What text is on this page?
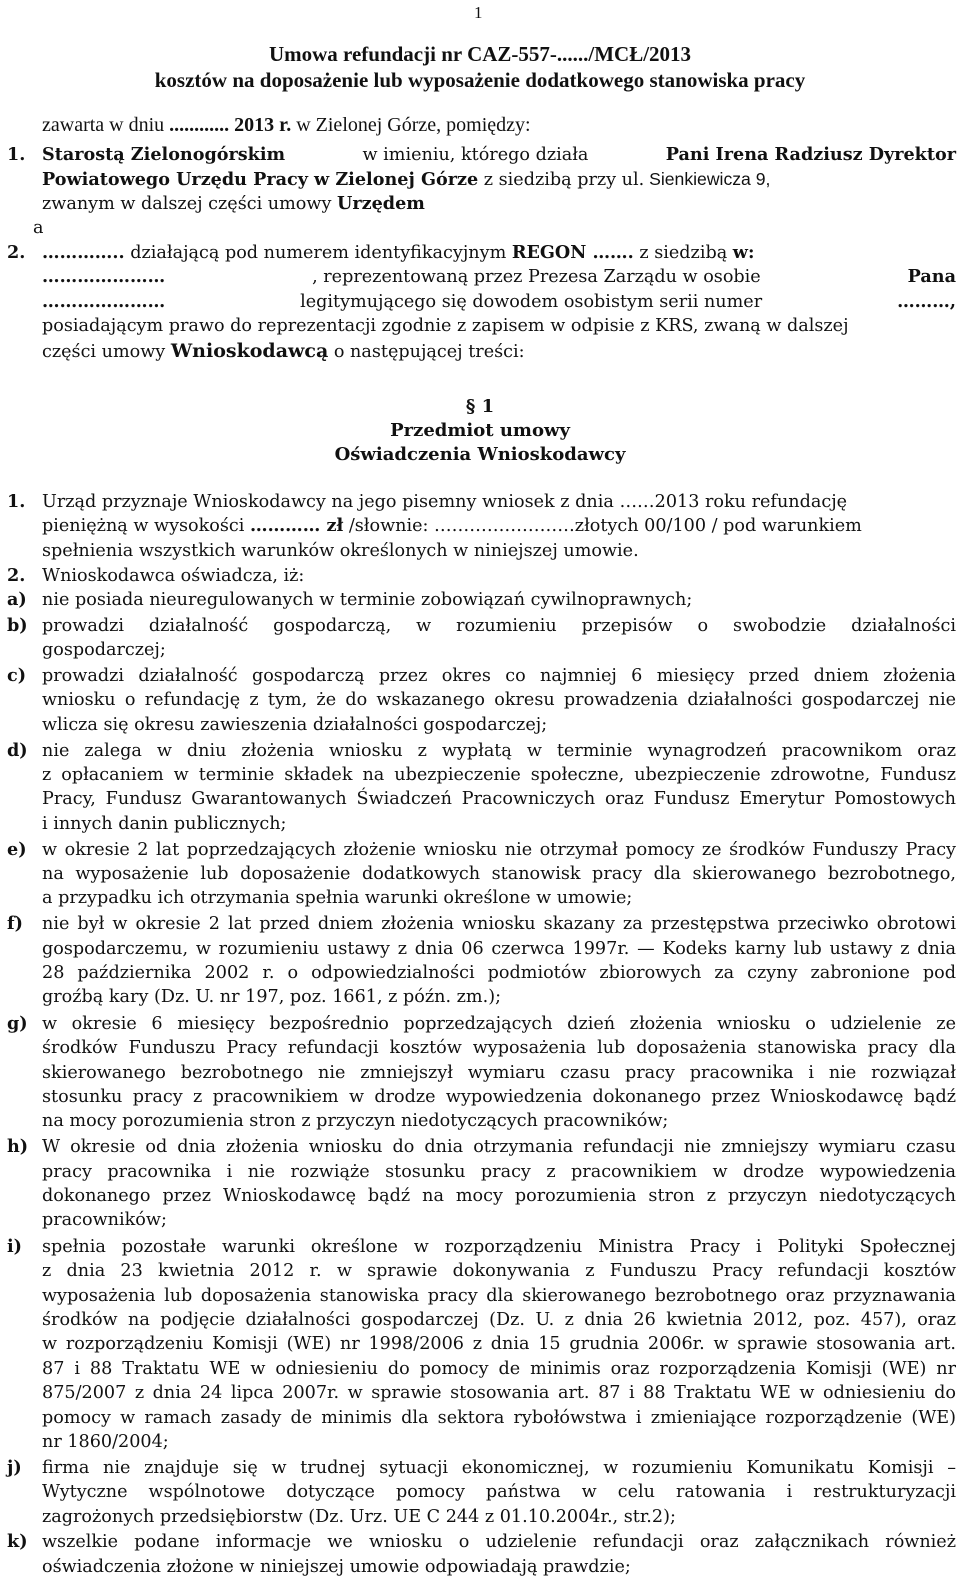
1
Umowa refundacji nr CAZ-557-....../MCŁ/2013
kosztów na doposażenie lub wyposażenie dodatkowego stanowiska pracy
zawarta w dniu ............ 2013 r. w Zielonej Górze, pomiędzy:
1. Starostą Zielonogórskim	w imieniu, którego działa	Pani Irena Radziusz Dyrektor
Powiatowego Urzędu Pracy w Zielonej Górze z siedzibą przy ul. Sienkiewicza 9,
zwanym w dalszej części umowy Urzędem
a
2. ………….. działającą pod numerem identyfikacyjnym REGON ……. z siedzibą w:
…………………	, reprezentowaną przez Prezesa Zarządu w osobie	Pana
…………………	legitymującego się dowodem osobistym serii numer	………,
posiadającym prawo do reprezentacji zgodnie z zapisem w odpisie z KRS, zwaną w dalszej
części umowy Wnioskodawcą o następującej treści:
§ 1
Przedmiot umowy
Oświadczenia Wnioskodawcy
1. Urząd przyznaje Wnioskodawcy na jego pisemny wniosek z dnia ……2013 roku refundację
pieniężną w wysokości ………… zł /słownie: ……………………złotych 00/100 / pod warunkiem
spełnienia wszystkich warunków określonych w niniejszej umowie.
2. Wnioskodawca oświadcza, iż:
a) nie posiada nieuregulowanych w terminie zobowiązań cywilnoprawnych;
b) prowadzi działalność gospodarczą, w rozumieniu przepisów o swobodzie działalności
gospodarczej;
c) prowadzi działalność gospodarczą przez okres co najmniej 6 miesięcy przed dniem złożenia
wniosku o refundację z tym, że do wskazanego okresu prowadzenia działalności gospodarczej nie
wlicza się okresu zawieszenia działalności gospodarczej;
d) nie zalega w dniu złożenia wniosku z wypłatą w terminie wynagrodzeń pracownikom oraz
z opłacaniem w terminie składek na ubezpieczenie społeczne, ubezpieczenie zdrowotne, Fundusz
Pracy, Fundusz Gwarantowanych Świadczeń Pracowniczych oraz Fundusz Emerytur Pomostowych
i innych danin publicznych;
e) w okresie 2 lat poprzedzających złożenie wniosku nie otrzymał pomocy ze środków Funduszy Pracy
na wyposażenie lub doposażenie dodatkowych stanowisk pracy dla skierowanego bezrobotnego,
a przypadku ich otrzymania spełnia warunki określone w umowie;
f) nie był w okresie 2 lat przed dniem złożenia wniosku skazany za przestępstwa przeciwko obrotowi
gospodarczemu, w rozumieniu ustawy z dnia 06 czerwca 1997r. — Kodeks karny lub ustawy z dnia
28 października 2002 r. o odpowiedzialności podmiotów zbiorowych za czyny zabronione pod
groźbą kary (Dz. U. nr 197, poz. 1661, z późn. zm.);
g) w okresie 6 miesięcy bezpośrednio poprzedzających dzień złożenia wniosku o udzielenie ze
środków Funduszu Pracy refundacji kosztów wyposażenia lub doposażenia stanowiska pracy dla
skierowanego bezrobotnego nie zmniejszył wymiaru czasu pracy pracownika i nie rozwiązał
stosunku pracy z pracownikiem w drodze wypowiedzenia dokonanego przez Wnioskodawcę bądź
na mocy porozumienia stron z przyczyn niedotyczących pracowników;
h) W okresie od dnia złożenia wniosku do dnia otrzymania refundacji nie zmniejszy wymiaru czasu
pracy pracownika i nie rozwiąże stosunku pracy z pracownikiem w drodze wypowiedzenia
dokonanego przez Wnioskodawcę bądź na mocy porozumienia stron z przyczyn niedotyczących
pracowników;
i) spełnia pozostałe warunki określone w rozporządzeniu Ministra Pracy i Polityki Społecznej
z dnia 23 kwietnia 2012 r. w sprawie dokonywania z Funduszu Pracy refundacji kosztów
wyposażenia lub doposażenia stanowiska pracy dla skierowanego bezrobotnego oraz przyznawania
środków na podjęcie działalności gospodarczej (Dz. U. z dnia 26 kwietnia 2012, poz. 457), oraz
w rozporządzeniu Komisji (WE) nr 1998/2006 z dnia 15 grudnia 2006r. w sprawie stosowania art.
87 i 88 Traktatu WE w odniesieniu do pomocy de minimis oraz rozporządzenia Komisji (WE) nr
875/2007 z dnia 24 lipca 2007r. w sprawie stosowania art. 87 i 88 Traktatu WE w odniesieniu do
pomocy w ramach zasady de minimis dla sektora rybołówstwa i zmieniające rozporządzenie (WE)
nr 1860/2004;
j) firma nie znajduje się w trudnej sytuacji ekonomicznej, w rozumieniu Komunikatu Komisji –
Wytyczne wspólnotowe dotyczące pomocy państwa w celu ratowania i restrukturyzacji
zagrożonych przedsiębiorstw (Dz. Urz. UE C 244 z 01.10.2004r., str.2);
k) wszelkie podane informacje we wniosku o udzielenie refundacji oraz załącznikach również
oświadczenia złożone w niniejszej umowie odpowiadają prawdzie;
